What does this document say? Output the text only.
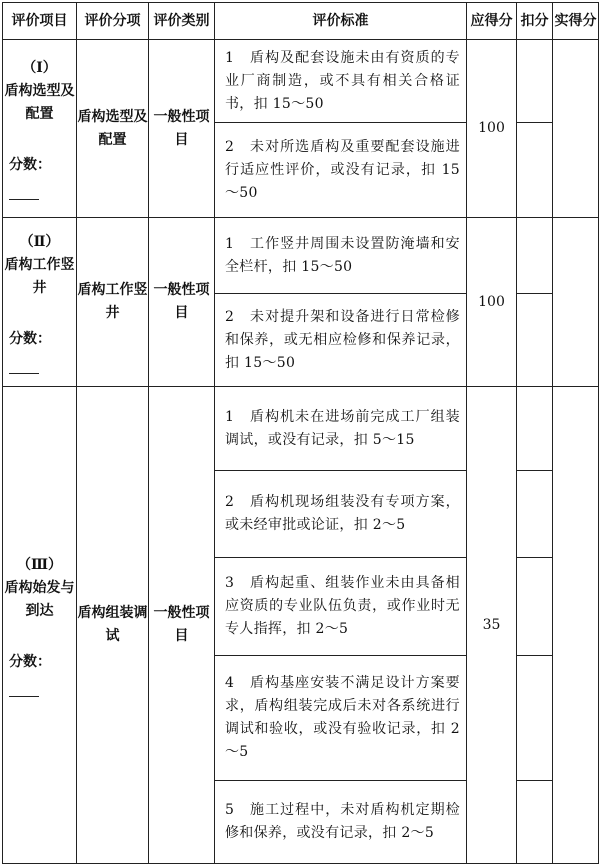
评价项目	评价分项	评价类别	评价标准	应得分	扣分	实得分

（Ⅰ）
盾构选型及配置
分数：	盾构选型及配置	一般性项目	1　盾构及配套设施未由有资质的专业厂商制造，或不具有相关合格证书，扣 15～50	100		
			2　未对所选盾构及重要配套设施进行适应性评价，或没有记录，扣 15～50			

（Ⅱ）
盾构工作竖井
分数：	盾构工作竖井	一般性项目	1　工作竖井周围未设置防淹墙和安全栏杆，扣 15～50	100		
			2　未对提升架和设备进行日常检修和保养，或无相应检修和保养记录，扣 15～50			

（Ⅲ）
盾构始发与到达
分数：	盾构组装调试	一般性项目	1　盾构机未在进场前完成工厂组装调试，或没有记录，扣 5～15	35		
			2　盾构机现场组装没有专项方案，或未经审批或论证，扣 2～5			
			3　盾构起重、组装作业未由具备相应资质的专业队伍负责，或作业时无专人指挥，扣 2～5			
			4　盾构基座安装不满足设计方案要求，盾构组装完成后未对各系统进行调试和验收，或没有验收记录，扣 2～5			
			5　施工过程中，未对盾构机定期检修和保养，或没有记录，扣 2～5			
